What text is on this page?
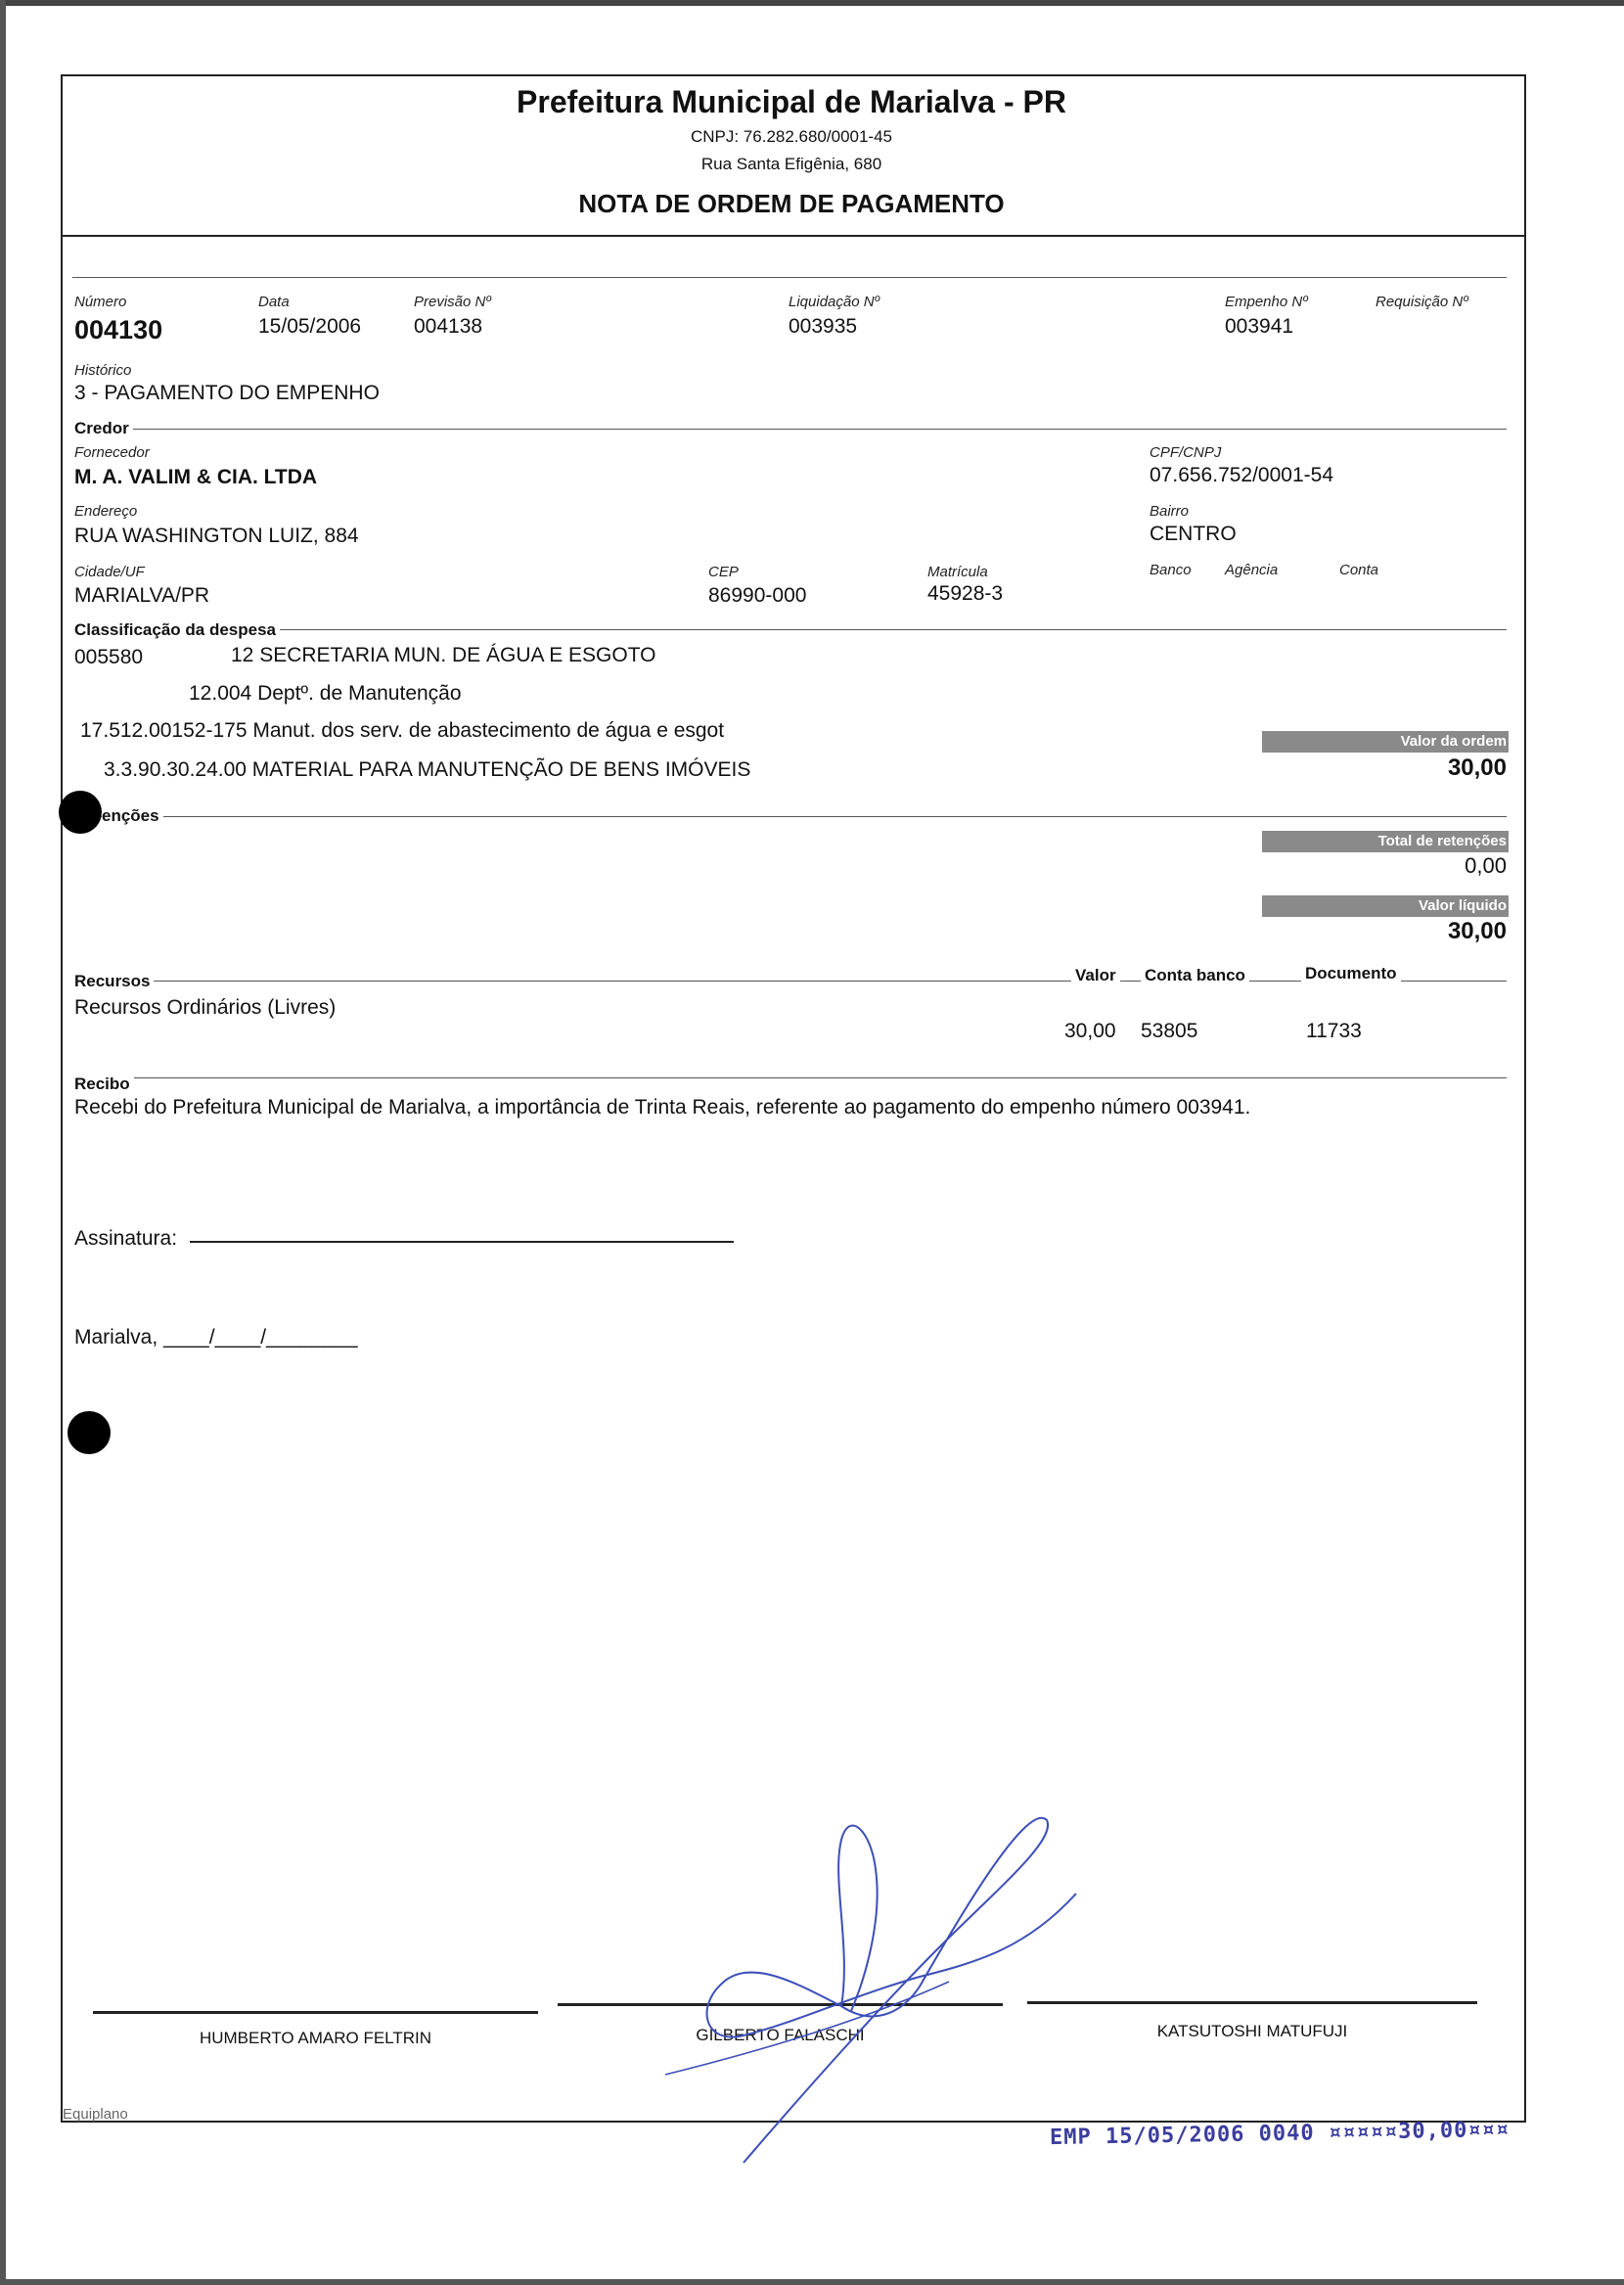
Prefeitura Municipal de Marialva - PR
CNPJ: 76.282.680/0001-45
Rua Santa Efigênia, 680
NOTA DE ORDEM DE PAGAMENTO
Número
004130
Data
15/05/2006
Previsão Nº
004138
Liquidação Nº
003935
Empenho Nº
003941
Requisição Nº
Histórico
3 - PAGAMENTO DO EMPENHO
Credor
Fornecedor
M. A. VALIM & CIA. LTDA
CPF/CNPJ
07.656.752/0001-54
Endereço
RUA WASHINGTON LUIZ, 884
Bairro
CENTRO
Cidade/UF
MARIALVA/PR
CEP
86990-000
Matrícula
45928-3
Banco Agência	Conta
Classificação da despesa
005580	12 SECRETARIA MUN. DE ÁGUA E ESGOTO
12.004 Deptº. de Manutenção
17.512.00152-175 Manut. dos serv. de abastecimento de água e esgot
3.3.90.30.24.00 MATERIAL PARA MANUTENÇÃO DE BENS IMÓVEIS
Valor da ordem
30,00
enções
Total de retenções
0,00
Valor líquido
30,00
Recursos	Valor Conta banco	Documento
Recursos Ordinários (Livres)
30,00 53805	11733
Recibo
Recebi do Prefeitura Municipal de Marialva, a importância de Trinta Reais, referente ao pagamento do empenho número 003941.
Assinatura:
Marialva, ____/____/________
HUMBERTO AMARO FELTRIN	GILBERTO FALASCHI	KATSUTOSHI MATUFUJI
Equiplano
EMP 15/05/2006 0040 ¤¤¤¤¤30,00¤¤¤
